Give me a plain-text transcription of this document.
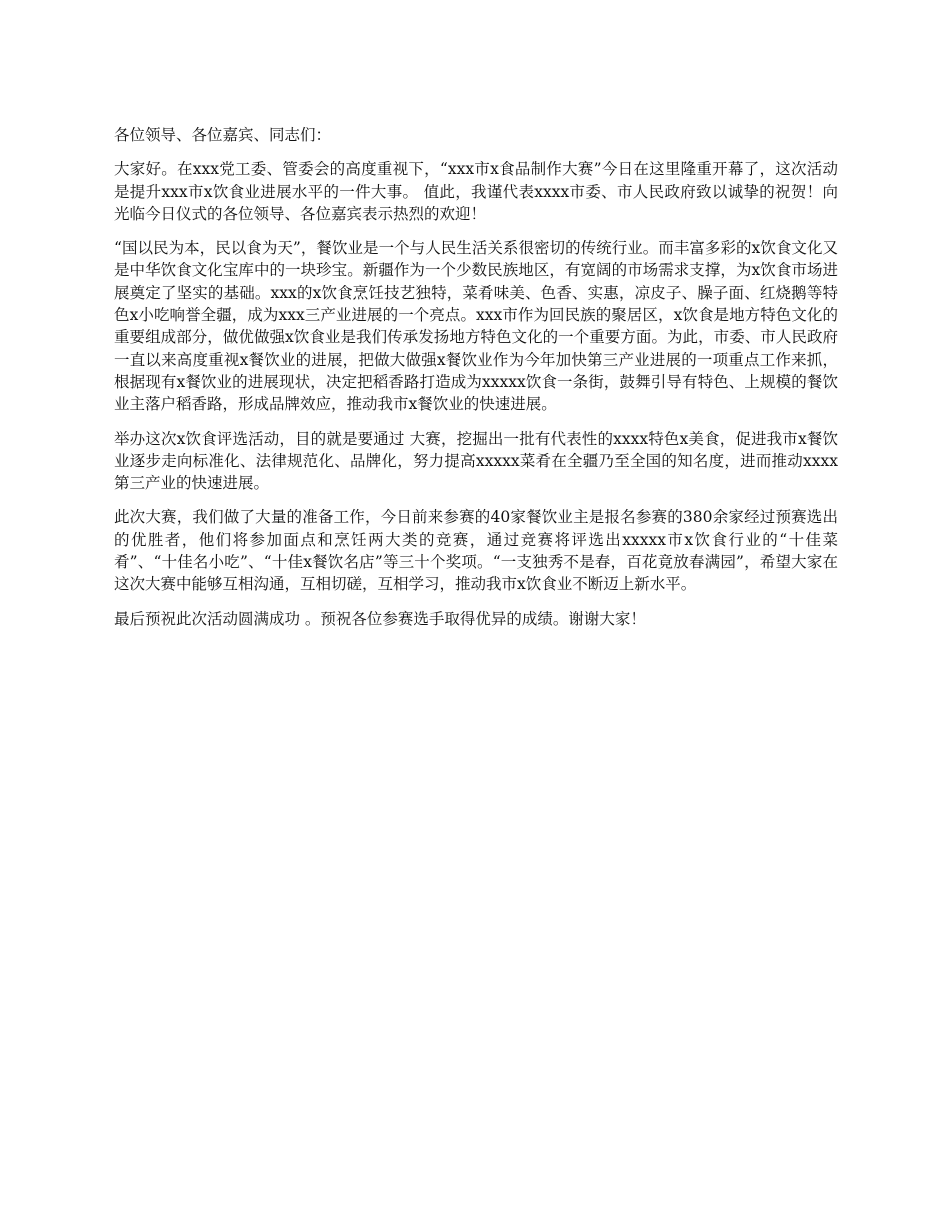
各位领导、各位嘉宾、同志们：

大家好。在xxx党工委、管委会的高度重视下，“xxx市x食品制作大赛”今日在这里隆重开幕了，这次活动是提升xxx市x饮食业进展水平的一件大事。 值此，我谨代表xxxx市委、市人民政府致以诚挚的祝贺！向光临今日仪式的各位领导、各位嘉宾表示热烈的欢迎！

“国以民为本，民以食为天”，餐饮业是一个与人民生活关系很密切的传统行业。而丰富多彩的x饮食文化又是中华饮食文化宝库中的一块珍宝。新疆作为一个少数民族地区，有宽阔的市场需求支撑，为x饮食市场进展奠定了坚实的基础。xxx的x饮食烹饪技艺独特，菜肴味美、色香、实惠，凉皮子、臊子面、红烧鹅等特色x小吃响誉全疆，成为xxx三产业进展的一个亮点。xxx市作为回民族的聚居区，x饮食是地方特色文化的重要组成部分，做优做强x饮食业是我们传承发扬地方特色文化的一个重要方面。为此，市委、市人民政府一直以来高度重视x餐饮业的进展，把做大做强x餐饮业作为今年加快第三产业进展的一项重点工作来抓，根据现有x餐饮业的进展现状，决定把稻香路打造成为xxxxx饮食一条街，鼓舞引导有特色、上规模的餐饮业主落户稻香路，形成品牌效应，推动我市x餐饮业的快速进展。

举办这次x饮食评选活动，目的就是要通过 大赛，挖掘出一批有代表性的xxxx特色x美食，促进我市x餐饮业逐步走向标准化、法律规范化、品牌化，努力提高xxxxx菜肴在全疆乃至全国的知名度，进而推动xxxx第三产业的快速进展。

此次大赛，我们做了大量的准备工作，今日前来参赛的40家餐饮业主是报名参赛的380余家经过预赛选出的优胜者，他们将参加面点和烹饪两大类的竞赛，通过竞赛将评选出xxxxx市x饮食行业的“十佳菜肴”、“十佳名小吃”、“十佳x餐饮名店”等三十个奖项。“一支独秀不是春，百花竟放春满园”，希望大家在这次大赛中能够互相沟通，互相切磋，互相学习，推动我市x饮食业不断迈上新水平。

最后预祝此次活动圆满成功 。预祝各位参赛选手取得优异的成绩。谢谢大家！
